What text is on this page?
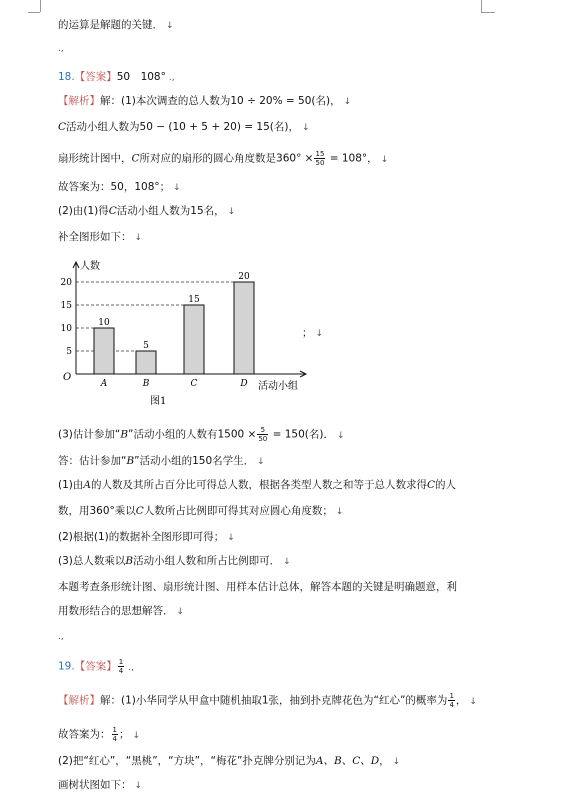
的运算是解题的关键． ↓
.,
18.【答案】50　108° .,
【解析】解：(1)本次调查的总人数为10 ÷ 20% = 50(名)， ↓
C活动小组人数为50 − (10 + 5 + 20) = 15(名)， ↓
扇形统计图中，C所对应的扇形的圆心角度数是$360^\circ \times \frac{15}{50} = 108^\circ$， ↓
故答案为：50，108°； ↓
(2)由(1)得C活动小组人数为15名， ↓
补全图形如下： ↓
人数
O
活动小组
图1
5
10
15
20
10
A
5
B
15
C
20
D
； ↓
(3)估计参加“B”活动小组的人数有$1500 \times \frac{5}{50} = 150$(名)． ↓
答：估计参加“B”活动小组的150名学生． ↓
(1)由A的人数及其所占百分比可得总人数，根据各类型人数之和等于总人数求得C的人
数，用360°乘以C人数所占比例即可得其对应圆心角度数； ↓
(2)根据(1)的数据补全图形即可得； ↓
(3)总人数乘以B活动小组人数和所占比例即可． ↓
本题考查条形统计图、扇形统计图、用样本估计总体，解答本题的关键是明确题意，利
用数形结合的思想解答． ↓
.,
19.【答案】 $\frac{1}{4}$ .,
【解析】解：(1)小华同学从甲盒中随机抽取1张，抽到扑克牌花色为“红心”的概率为 $\frac{1}{4}$ ， ↓
故答案为： $\frac{1}{4}$ ； ↓
(2)把“红心”，“黑桃”，“方块”，“梅花”扑克牌分别记为A、B、C、D， ↓
画树状图如下： ↓
